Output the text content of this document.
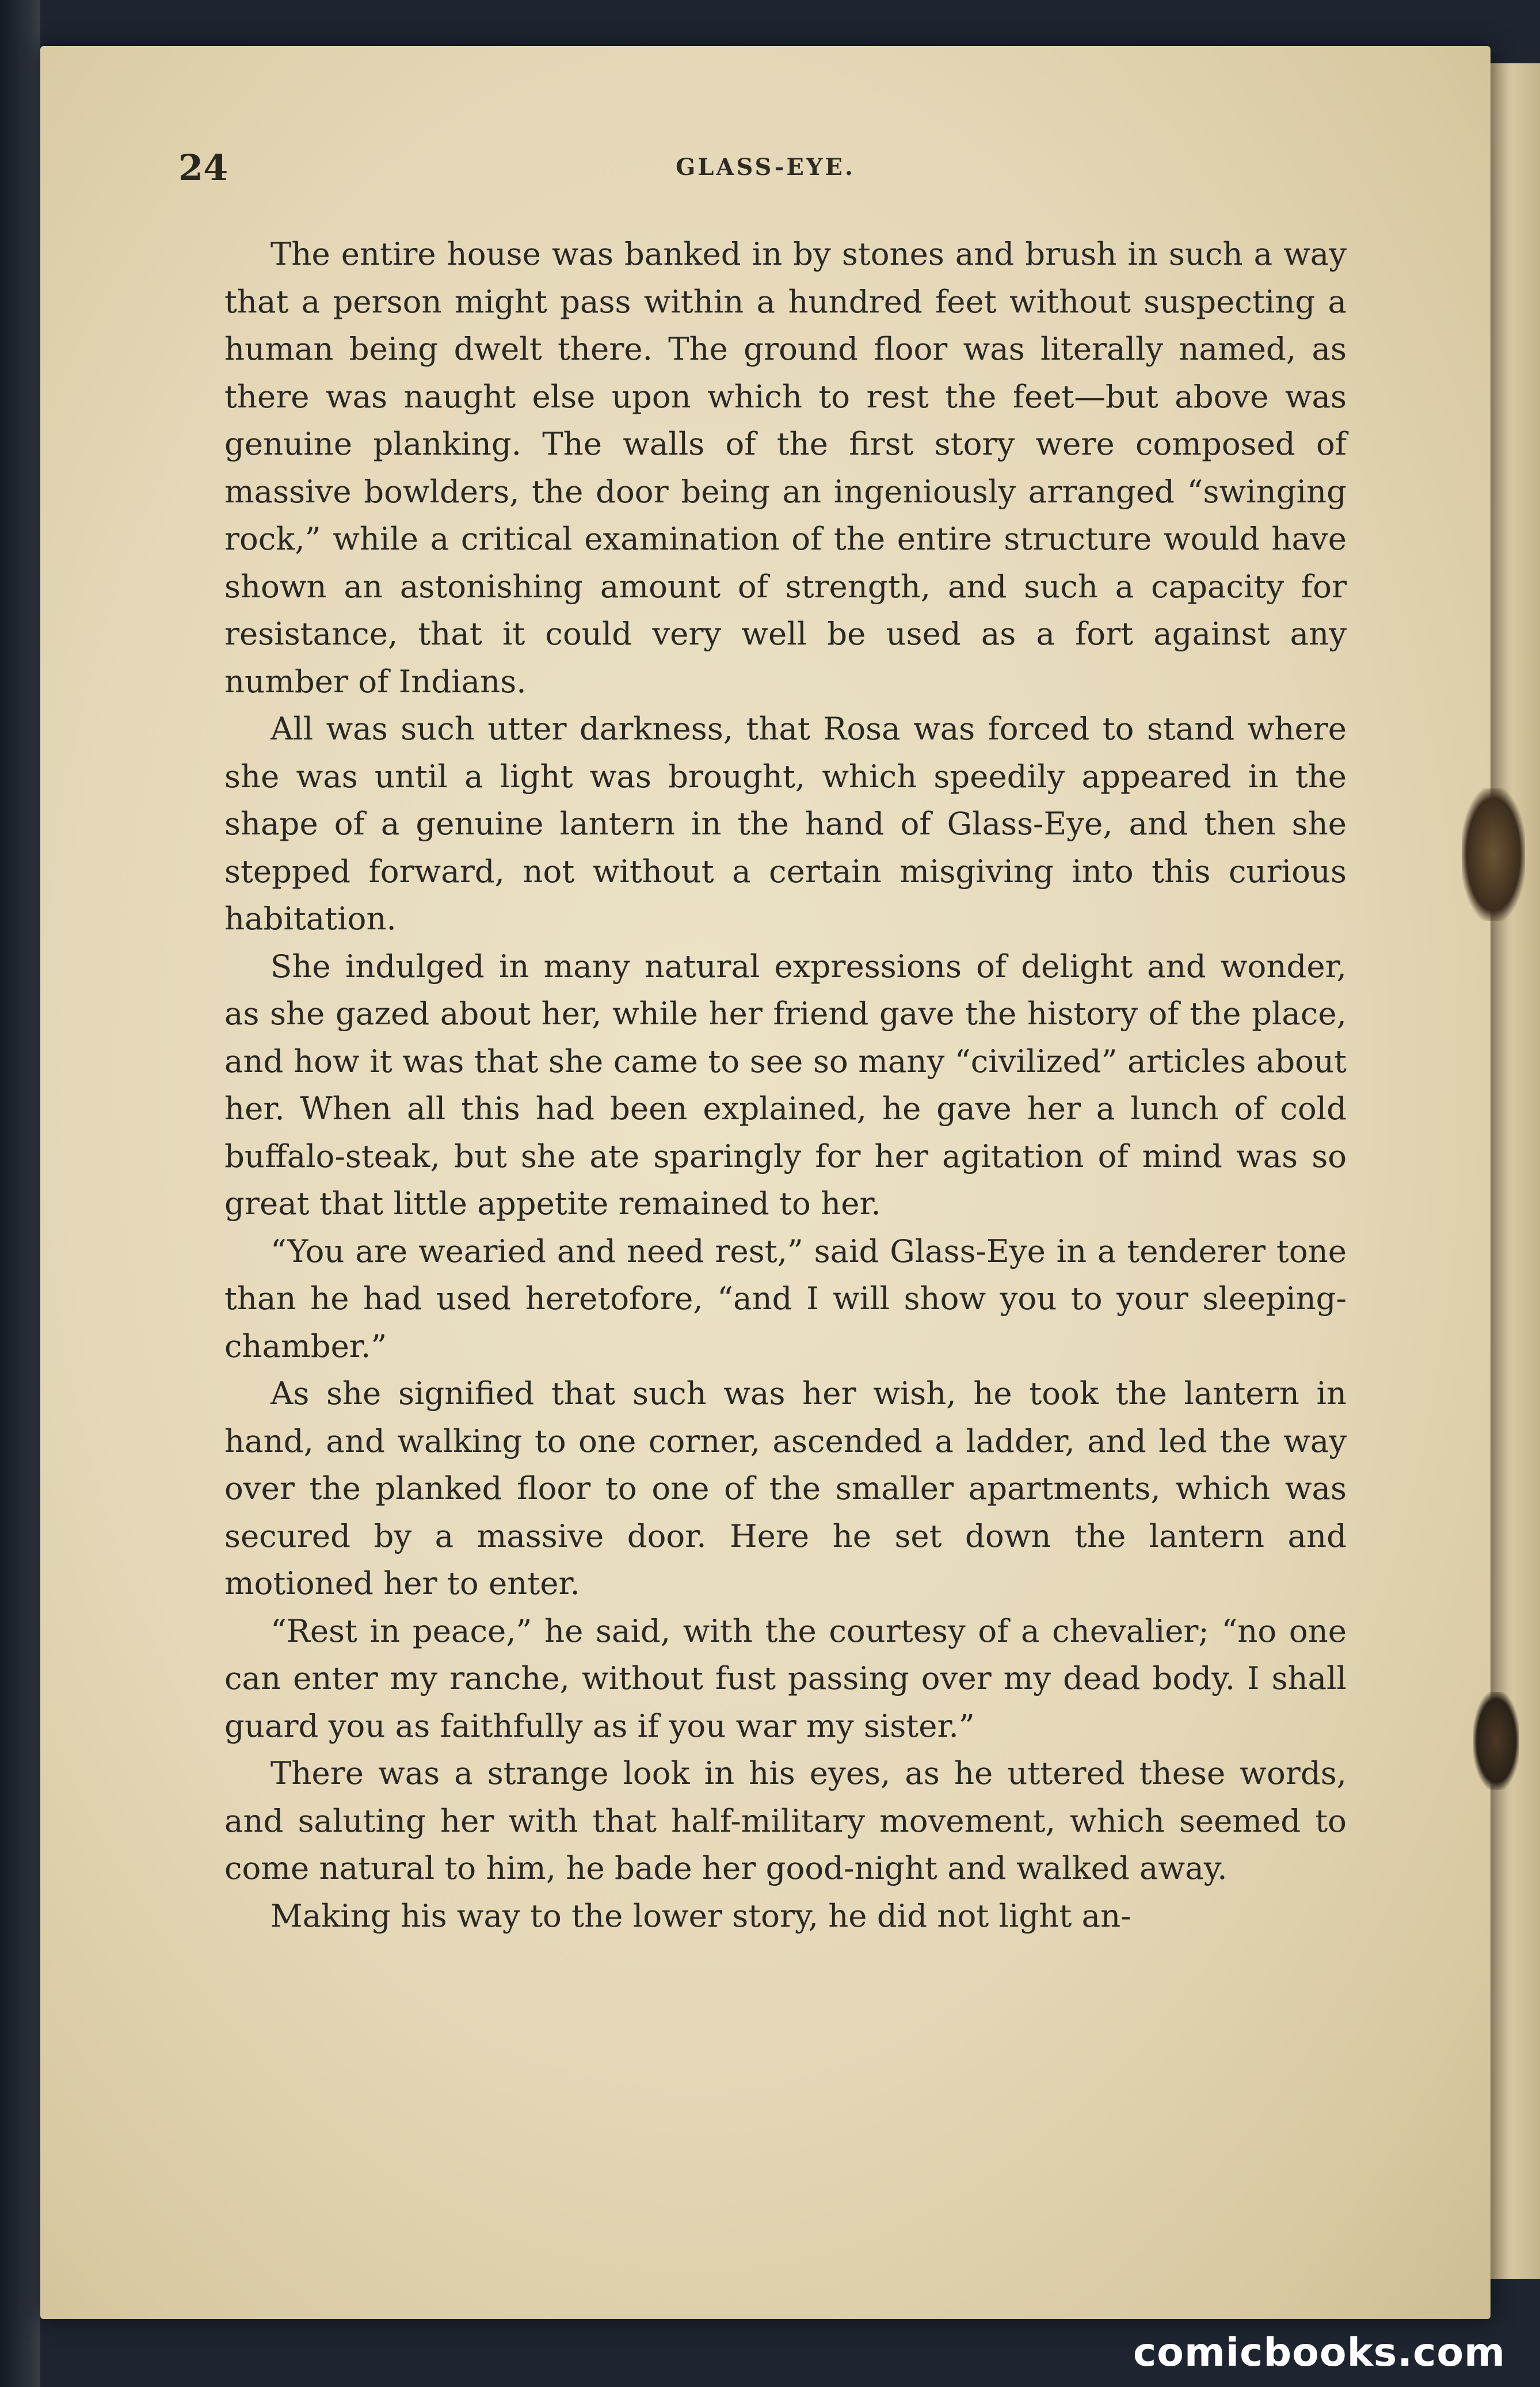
24	GLASS-EYE.

The entire house was banked in by stones and brush in such a way that a person might pass within a hundred feet without suspecting a human being dwelt there. The ground floor was literally named, as there was naught else upon which to rest the feet—but above was genuine planking. The walls of the first story were composed of massive bowlders, the door being an ingeniously arranged “swinging rock,” while a critical examination of the entire structure would have shown an astonishing amount of strength, and such a capacity for resistance, that it could very well be used as a fort against any number of Indians.

All was such utter darkness, that Rosa was forced to stand where she was until a light was brought, which speedily appeared in the shape of a genuine lantern in the hand of Glass-Eye, and then she stepped forward, not without a certain misgiving into this curious habitation.

She indulged in many natural expressions of delight and wonder, as she gazed about her, while her friend gave the history of the place, and how it was that she came to see so many “civilized” articles about her. When all this had been explained, he gave her a lunch of cold buffalo-steak, but she ate sparingly for her agitation of mind was so great that little appetite remained to her.

“You are wearied and need rest,” said Glass-Eye in a tenderer tone than he had used heretofore, “and I will show you to your sleeping-chamber.”

As she signified that such was her wish, he took the lantern in hand, and walking to one corner, ascended a ladder, and led the way over the planked floor to one of the smaller apartments, which was secured by a massive door. Here he set down the lantern and motioned her to enter.

“Rest in peace,” he said, with the courtesy of a chevalier; “no one can enter my ranche, without fust passing over my dead body. I shall guard you as faithfully as if you war my sister.”

There was a strange look in his eyes, as he uttered these words, and saluting her with that half-military movement, which seemed to come natural to him, he bade her good-night and walked away.

Making his way to the lower story, he did not light an-

comicbooks.com
